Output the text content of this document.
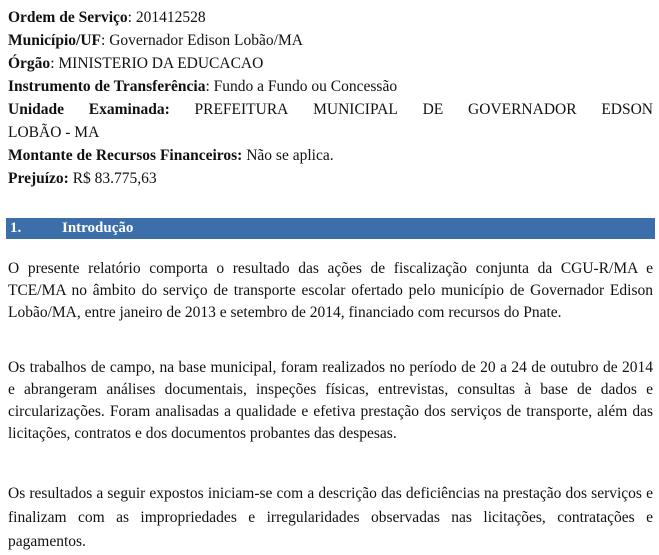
Ordem de Serviço: 201412528
Município/UF: Governador Edison Lobão/MA
Órgão: MINISTERIO DA EDUCACAO
Instrumento de Transferência: Fundo a Fundo ou Concessão
Unidade Examinada: PREFEITURA MUNICIPAL DE GOVERNADOR EDSON
LOBÃO - MA
Montante de Recursos Financeiros: Não se aplica.
Prejuízo: R$ 83.775,63
1.	Introdução

O presente relatório comporta o resultado das ações de fiscalização conjunta da CGU-R/MA e TCE/MA no âmbito do serviço de transporte escolar ofertado pelo município de Governador Edison Lobão/MA, entre janeiro de 2013 e setembro de 2014, financiado com recursos do Pnate.

Os trabalhos de campo, na base municipal, foram realizados no período de 20 a 24 de outubro de 2014 e abrangeram análises documentais, inspeções físicas, entrevistas, consultas à base de dados e circularizações. Foram analisadas a qualidade e efetiva prestação dos serviços de transporte, além das licitações, contratos e dos documentos probantes das despesas.

Os resultados a seguir expostos iniciam-se com a descrição das deficiências na prestação dos serviços e finalizam com as impropriedades e irregularidades observadas nas licitações, contratações e pagamentos.
